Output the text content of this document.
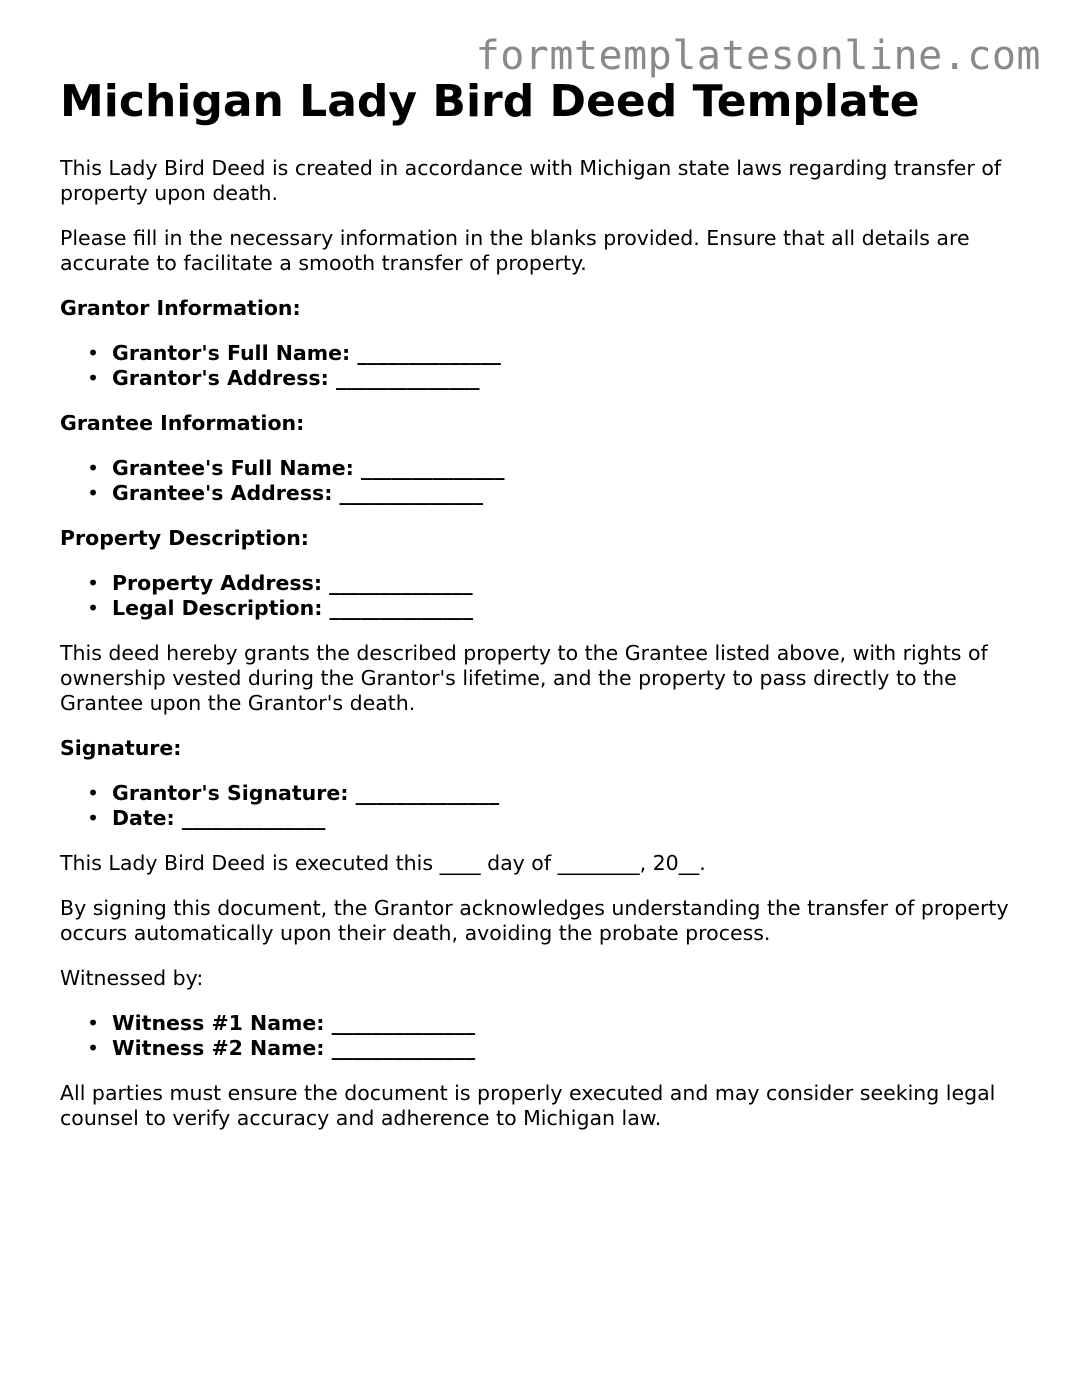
formtemplatesonline.com
Michigan Lady Bird Deed Template

This Lady Bird Deed is created in accordance with Michigan state laws regarding transfer of property upon death.

Please fill in the necessary information in the blanks provided. Ensure that all details are accurate to facilitate a smooth transfer of property.

Grantor Information:

• Grantor's Full Name: ______________
• Grantor's Address: ______________

Grantee Information:

• Grantee's Full Name: ______________
• Grantee's Address: ______________

Property Description:

• Property Address: ______________
• Legal Description: ______________

This deed hereby grants the described property to the Grantee listed above, with rights of ownership vested during the Grantor's lifetime, and the property to pass directly to the Grantee upon the Grantor's death.

Signature:

• Grantor's Signature: ______________
• Date: ______________

This Lady Bird Deed is executed this ____ day of ________, 20__.

By signing this document, the Grantor acknowledges understanding the transfer of property occurs automatically upon their death, avoiding the probate process.

Witnessed by:

• Witness #1 Name: ______________
• Witness #2 Name: ______________

All parties must ensure the document is properly executed and may consider seeking legal counsel to verify accuracy and adherence to Michigan law.
